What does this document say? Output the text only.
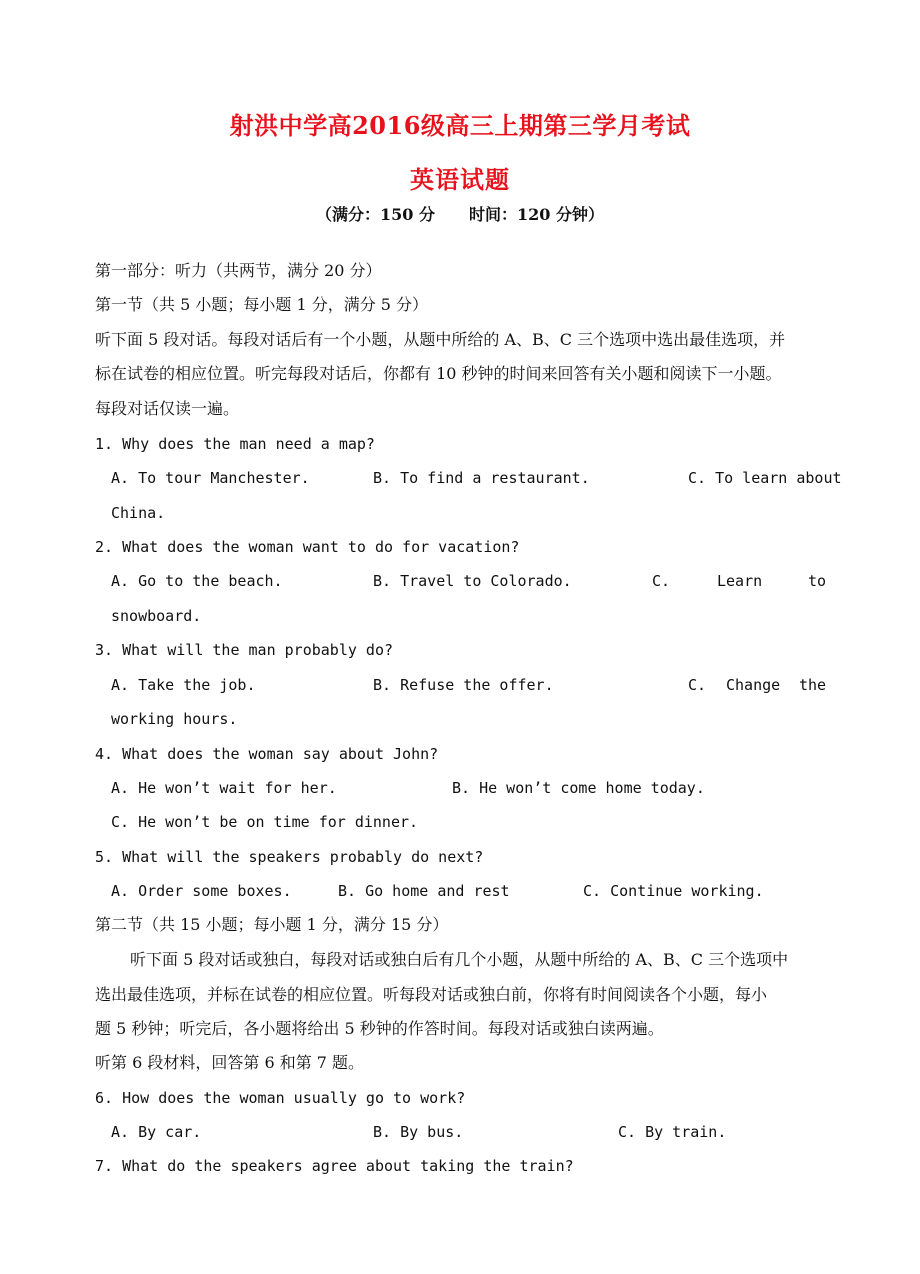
射洪中学高2016级高三上期第三学月考试
英语试题
（满分：150 分 时间：120 分钟）
第一部分：听力（共两节，满分 20 分）
第一节（共 5 小题；每小题 1 分，满分 5 分）
听下面 5 段对话。每段对话后有一个小题，从题中所给的 A、B、C 三个选项中选出最佳选项，并
标在试卷的相应位置。听完每段对话后，你都有 10 秒钟的时间来回答有关小题和阅读下一小题。
每段对话仅读一遍。
1. Why does the man need a map?
A. To tour Manchester.	B. To find a restaurant.	C. To learn about
China.
2. What does the woman want to do for vacation?
A. Go to the beach.	B. Travel to Colorado.	C.	Learn	to
snowboard.
3. What will the man probably do?
A. Take the job.	B. Refuse the offer.	C. Change the
working hours.
4. What does the woman say about John?
A. He won’t wait for her.	B. He won’t come home today.
C. He won’t be on time for dinner.
5. What will the speakers probably do next?
A. Order some boxes.	B. Go home and rest	C. Continue working.
第二节（共 15 小题；每小题 1 分，满分 15 分）
听下面 5 段对话或独白，每段对话或独白后有几个小题，从题中所给的 A、B、C 三个选项中
选出最佳选项，并标在试卷的相应位置。听每段对话或独白前，你将有时间阅读各个小题，每小
题 5 秒钟；听完后，各小题将给出 5 秒钟的作答时间。每段对话或独白读两遍。
听第 6 段材料，回答第 6 和第 7 题。
6. How does the woman usually go to work?
A. By car.	B. By bus.	C. By train.
7. What do the speakers agree about taking the train?
